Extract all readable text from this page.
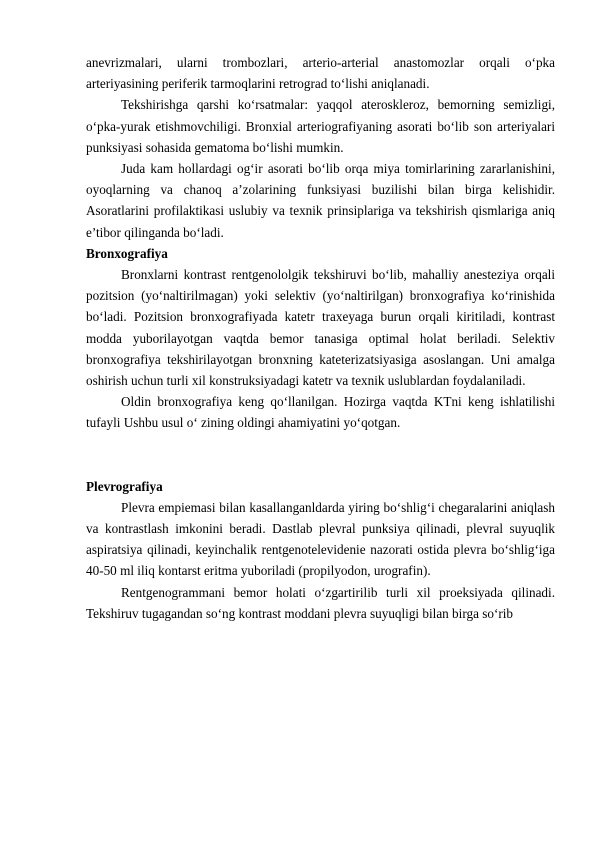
anevrizmalari, ularni trombozlari, arterio-arterial anastomozlar orqali o‘pka arteriyasining periferik tarmoqlarini retrograd to‘lishi aniqlanadi.

Tekshirishga qarshi ko‘rsatmalar: yaqqol ateroskleroz, bemorning semizligi, o‘pka-yurak etishmovchiligi. Bronxial arteriografiyaning asorati bo‘lib son arteriyalari punksiyasi sohasida gematoma bo‘lishi mumkin.

Juda kam hollardagi og‘ir asorati bo‘lib orqa miya tomirlarining zararlanishini, oyoqlarning va chanoq a’zolarining funksiyasi buzilishi bilan birga kelishidir. Asoratlarini profilaktikasi uslubiy va texnik prinsiplariga va tekshirish qismlariga aniq e’tibor qilinganda bo‘ladi.

Bronxografiya

Bronxlarni kontrast rentgenololgik tekshiruvi bo‘lib, mahalliy anesteziya orqali pozitsion (yo‘naltirilmagan) yoki selektiv (yo‘naltirilgan) bronxografiya ko‘rinishida bo‘ladi. Pozitsion bronxografiyada katetr traxeyaga burun orqali kiritiladi, kontrast modda yuborilayotgan vaqtda bemor tanasiga optimal holat beriladi. Selektiv bronxografiya tekshirilayotgan bronxning kateterizatsiyasiga asoslangan. Uni amalga oshirish uchun turli xil konstruksiyadagi katetr va texnik uslublardan foydalaniladi.

Oldin bronxografiya keng qo‘llanilgan. Hozirga vaqtda KTni keng ishlatilishi tufayli Ushbu usul o‘ zining oldingi ahamiyatini yo‘qotgan.

Plevrografiya

Plevra empiemasi bilan kasallanganldarda yiring bo‘shlig‘i chegaralarini aniqlash va kontrastlash imkonini beradi. Dastlab plevral punksiya qilinadi, plevral suyuqlik aspiratsiya qilinadi, keyinchalik rentgenotelevidenie nazorati ostida plevra bo‘shlig‘iga 40-50 ml iliq kontarst eritma yuboriladi (propilyodon, urografin).

Rentgenogrammani bemor holati o‘zgartirilib turli xil proeksiyada qilinadi. Tekshiruv tugagandan so‘ng kontrast moddani plevra suyuqligi bilan birga so‘rib
